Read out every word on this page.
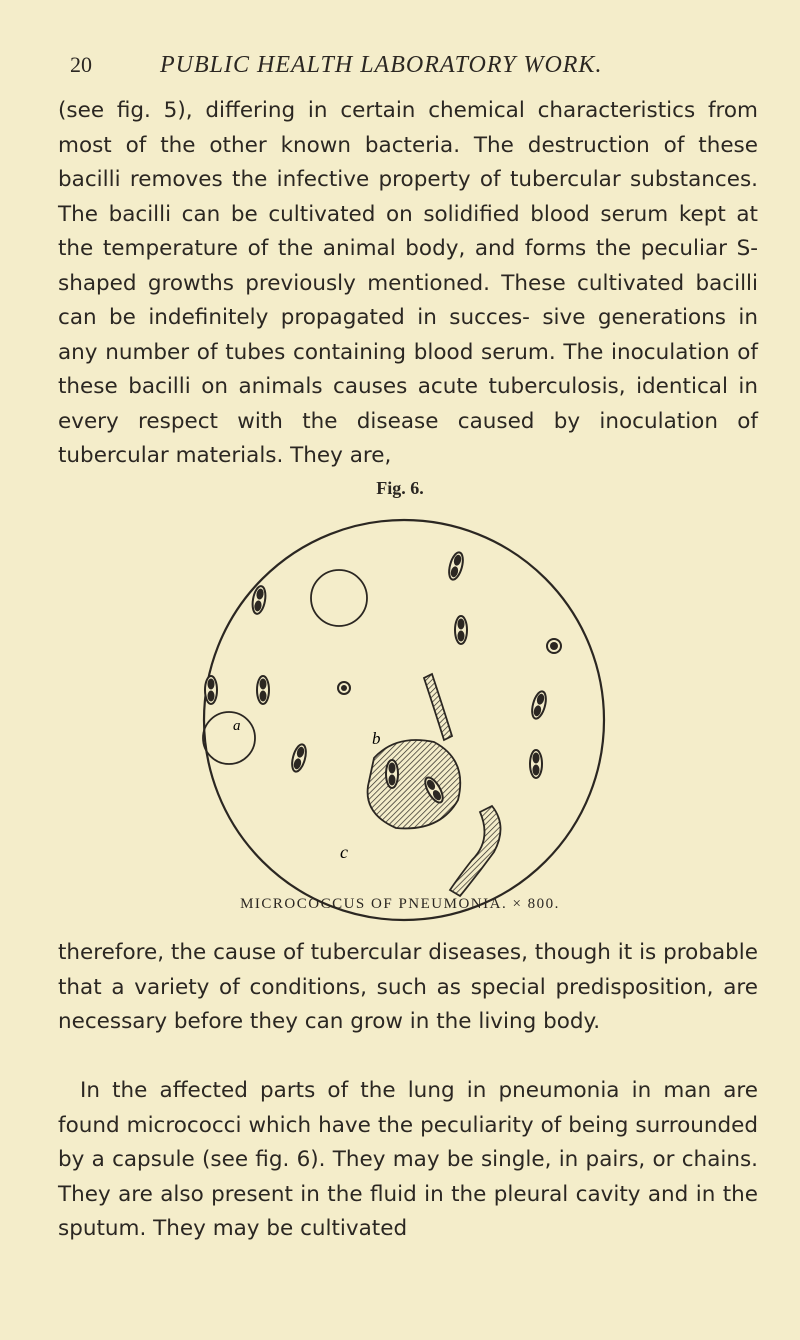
20	PUBLIC HEALTH LABORATORY WORK.

(see fig. 5), differing in certain chemical characteristics from most of the other known bacteria. The destruction of these bacilli removes the infective property of tubercular substances. The bacilli can be cultivated on solidified blood serum kept at the temperature of the animal body, and forms the peculiar S-shaped growths previously mentioned. These cultivated bacilli can be indefinitely propagated in succes- sive generations in any number of tubes containing blood serum. The inoculation of these bacilli on animals causes acute tuberculosis, identical in every respect with the disease caused by inoculation of tubercular materials. They are,

Fig. 6.
a
b
c
MICROCOCCUS OF PNEUMONIA. × 800.

therefore, the cause of tubercular diseases, though it is probable that a variety of conditions, such as special predisposition, are necessary before they can grow in the living body.

In the affected parts of the lung in pneumonia in man are found micrococci which have the peculiarity of being surrounded by a capsule (see fig. 6). They may be single, in pairs, or chains. They are also present in the fluid in the pleural cavity and in the sputum. They may be cultivated
